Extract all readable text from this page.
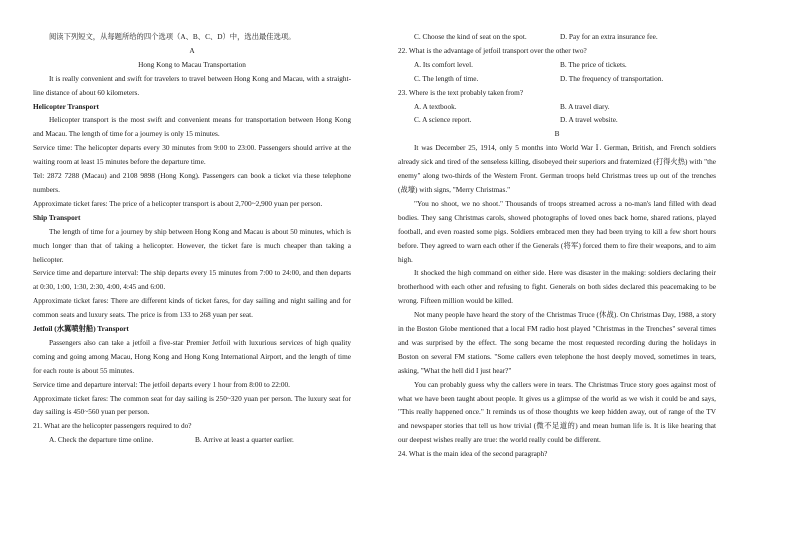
阅读下列短文，从每题所给的四个选项（A、B、C、D）中，选出最佳选项。

A

Hong Kong to Macau Transportation

It is really convenient and swift for travelers to travel between Hong Kong and Macau, with a straight-line distance of about 60 kilometers.

Helicopter Transport

Helicopter transport is the most swift and convenient means for transportation between Hong Kong and Macau. The length of time for a journey is only 15 minutes.

Service time: The helicopter departs every 30 minutes from 9:00 to 23:00. Passengers should arrive at the waiting room at least 15 minutes before the departure time.

Tel: 2872 7288 (Macau) and 2108 9898 (Hong Kong). Passengers can book a ticket via these telephone numbers.

Approximate ticket fares: The price of a helicopter transport is about 2,700~2,900 yuan per person.

Ship Transport

The length of time for a journey by ship between Hong Kong and Macau is about 50 minutes, which is much longer than that of taking a helicopter. However, the ticket fare is much cheaper than taking a helicopter.

Service time and departure interval: The ship departs every 15 minutes from 7:00 to 24:00, and then departs at 0:30, 1:00, 1:30, 2:30, 4:00, 4:45 and 6:00.

Approximate ticket fares: There are different kinds of ticket fares, for day sailing and night sailing and for common seats and luxury seats. The price is from 133 to 268 yuan per seat.

Jetfoil (水翼喷射船) Transport

Passengers also can take a jetfoil a five-star Premier Jetfoil with luxurious services of high quality coming and going among Macau, Hong Kong and Hong Kong International Airport, and the length of time for each route is about 55 minutes.

Service time and departure interval: The jetfoil departs every 1 hour from 8:00 to 22:00.

Approximate ticket fares: The common seat for day sailing is 250~320 yuan per person. The luxury seat for day sailing is 450~560 yuan per person.

21. What are the helicopter passengers required to do?

A. Check the departure time online.	B. Arrive at least a quarter earlier.
C. Choose the kind of seat on the spot.	D. Pay for an extra insurance fee.

22. What is the advantage of jetfoil transport over the other two?

A. Its comfort level.	B. The price of tickets.
C. The length of time.	D. The frequency of transportation.

23. Where is the text probably taken from?

A. A textbook.	B. A travel diary.
C. A science report.	D. A travel website.

B

It was December 25, 1914, only 5 months into World War Ⅰ. German, British, and French soldiers already sick and tired of the senseless killing, disobeyed their superiors and fraternized (打得火热) with "the enemy" along two-thirds of the Western Front. German troops held Christmas trees up out of the trenches (战壕) with signs, "Merry Christmas."

"You no shoot, we no shoot." Thousands of troops streamed across a no-man's land filled with dead bodies. They sang Christmas carols, showed photographs of loved ones back home, shared rations, played football, and even roasted some pigs. Soldiers embraced men they had been trying to kill a few short hours before. They agreed to warn each other if the Generals (将军) forced them to fire their weapons, and to aim high.

It shocked the high command on either side. Here was disaster in the making: soldiers declaring their brotherhood with each other and refusing to fight. Generals on both sides declared this peacemaking to be wrong. Fifteen million would be killed.

Not many people have heard the story of the Christmas Truce (休战). On Christmas Day, 1988, a story in the Boston Globe mentioned that a local FM radio host played "Christmas in the Trenches" several times and was surprised by the effect. The song became the most requested recording during the holidays in Boston on several FM stations. "Some callers even telephone the host deeply moved, sometimes in tears, asking, "What the hell did I just hear?"

You can probably guess why the callers were in tears. The Christmas Truce story goes against most of what we have been taught about people. It gives us a glimpse of the world as we wish it could be and says, "This really happened once." It reminds us of those thoughts we keep hidden away, out of range of the TV and newspaper stories that tell us how trivial (微不足道的) and mean human life is. It is like hearing that our deepest wishes really are true: the world really could be different.

24. What is the main idea of the second paragraph?
